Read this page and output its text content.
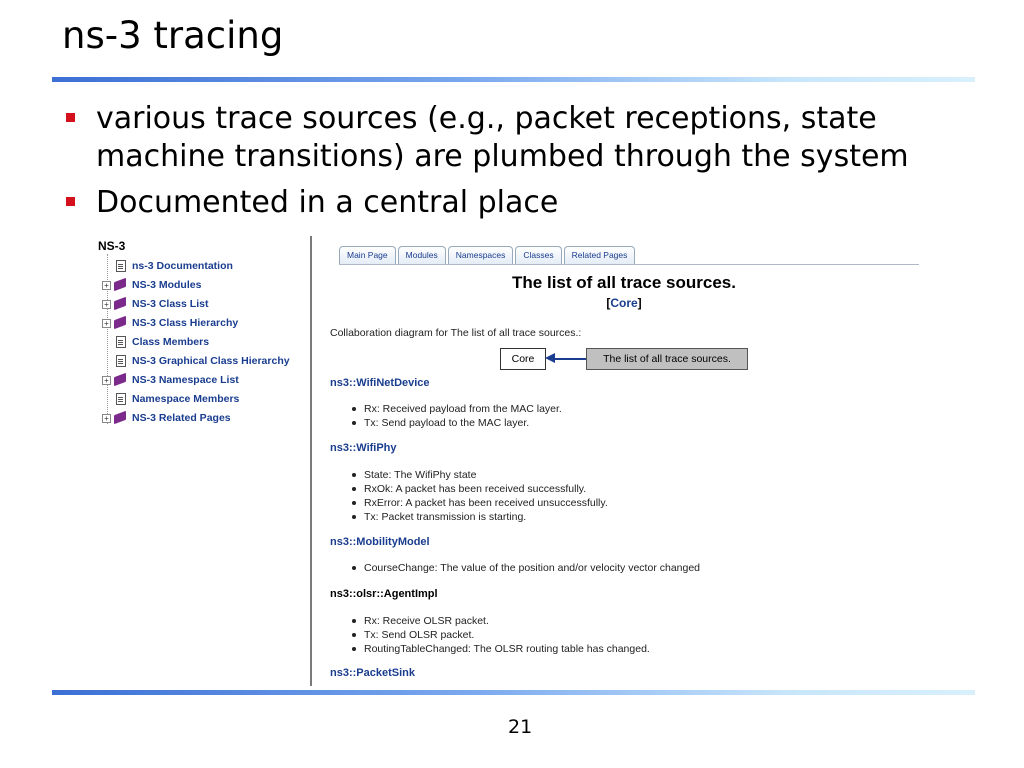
ns-3 tracing
various trace sources (e.g., packet receptions, state machine transitions) are plumbed through the system
Documented in a central place
NS-3
ns-3 Documentation
+ NS-3 Modules
+ NS-3 Class List
+ NS-3 Class Hierarchy
Class Members
NS-3 Graphical Class Hierarchy
+ NS-3 Namespace List
Namespace Members
+ NS-3 Related Pages
Main Page	Modules	Namespaces	Classes	Related Pages
The list of all trace sources.
[Core]
Collaboration diagram for The list of all trace sources.:
Core	The list of all trace sources.
ns3::WifiNetDevice
Rx: Received payload from the MAC layer.
Tx: Send payload to the MAC layer.
ns3::WifiPhy
State: The WifiPhy state
RxOk: A packet has been received successfully.
RxError: A packet has been received unsuccessfully.
Tx: Packet transmission is starting.
ns3::MobilityModel
CourseChange: The value of the position and/or velocity vector changed
ns3::olsr::AgentImpl
Rx: Receive OLSR packet.
Tx: Send OLSR packet.
RoutingTableChanged: The OLSR routing table has changed.
ns3::PacketSink
21
